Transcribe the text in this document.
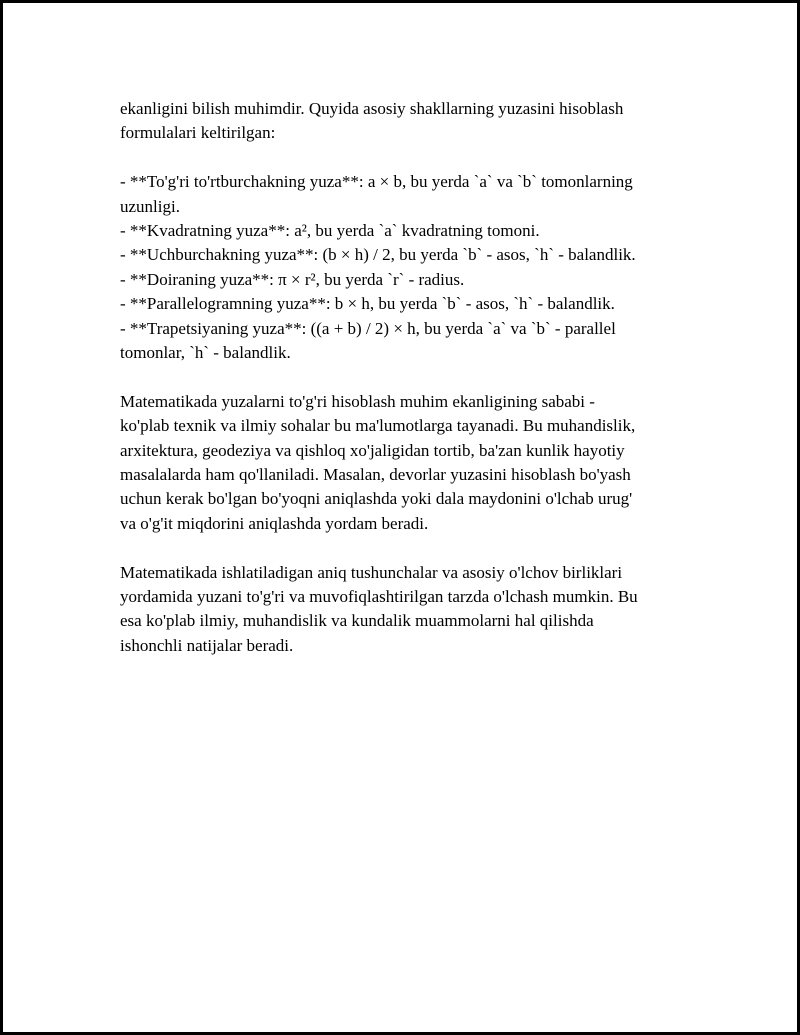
ekanligini bilish muhimdir. Quyida asosiy shakllarning yuzasini hisoblash

formulalari keltirilgan:

- **To'g'ri to'rtburchakning yuza**: a × b, bu yerda `a` va `b` tomonlarning

uzunligi.

- **Kvadratning yuza**: a², bu yerda `a` kvadratning tomoni.

- **Uchburchakning yuza**: (b × h) / 2, bu yerda `b` - asos, `h` - balandlik.

- **Doiraning yuza**: π × r², bu yerda `r` - radius.

- **Parallelogramning yuza**: b × h, bu yerda `b` - asos, `h` - balandlik.

- **Trapetsiyaning yuza**: ((a + b) / 2) × h, bu yerda `a` va `b` - parallel

tomonlar, `h` - balandlik.

Matematikada yuzalarni to'g'ri hisoblash muhim ekanligining sababi -

ko'plab texnik va ilmiy sohalar bu ma'lumotlarga tayanadi. Bu muhandislik,

arxitektura, geodeziya va qishloq xo'jaligidan tortib, ba'zan kunlik hayotiy

masalalarda ham qo'llaniladi. Masalan, devorlar yuzasini hisoblash bo'yash

uchun kerak bo'lgan bo'yoqni aniqlashda yoki dala maydonini o'lchab urug'

va o'g'it miqdorini aniqlashda yordam beradi.

Matematikada ishlatiladigan aniq tushunchalar va asosiy o'lchov birliklari

yordamida yuzani to'g'ri va muvofiqlashtirilgan tarzda o'lchash mumkin. Bu

esa ko'plab ilmiy, muhandislik va kundalik muammolarni hal qilishda

ishonchli natijalar beradi.
